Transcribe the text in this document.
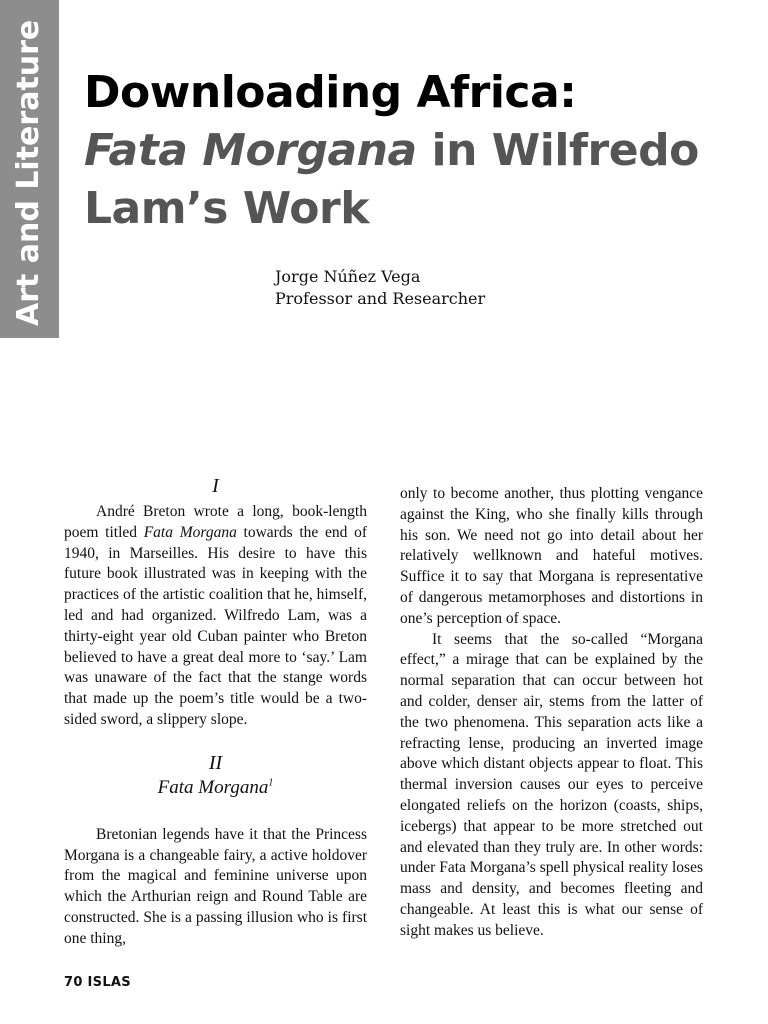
Art and Literature Downloading Africa:
Fata Morgana in Wilfredo
Lam’s Work
Jorge Núñez Vega
Professor and Researcher
I

André Breton wrote a long, book-length poem titled Fata Morgana towards the end of 1940, in Marseilles. His desire to have this future book illustrated was in keeping with the practices of the artistic coalition that he, himself, led and had organized. Wilfredo Lam, was a thirty-eight year old Cuban painter who Breton believed to have a great deal more to ‘say.’ Lam was unaware of the fact that the stange words that made up the poem’s title would be a two-sided sword, a slippery slope.

II
Fata Morgana$^1$

Bretonian legends have it that the Princess Morgana is a changeable fairy, a active holdover from the magical and feminine universe upon which the Arthurian reign and Round Table are constructed. She is a passing illusion who is first one thing,

only to become another, thus plotting vengance against the King, who she finally kills through his son. We need not go into detail about her relatively wellknown and hateful motives. Suffice it to say that Morgana is representative of dangerous metamorphoses and distortions in one’s perception of space.

It seems that the so-called “Morgana effect,” a mirage that can be explained by the normal separation that can occur between hot and colder, denser air, stems from the latter of the two phenomena. This separation acts like a refracting lense, producing an inverted image above which distant objects appear to float. This thermal inversion causes our eyes to perceive elongated reliefs on the horizon (coasts, ships, icebergs) that appear to be more stretched out and elevated than they truly are. In other words: under Fata Morgana’s spell physical reality loses mass and density, and becomes fleeting and changeable. At least this is what our sense of sight makes us believe.

70 ISLAS
